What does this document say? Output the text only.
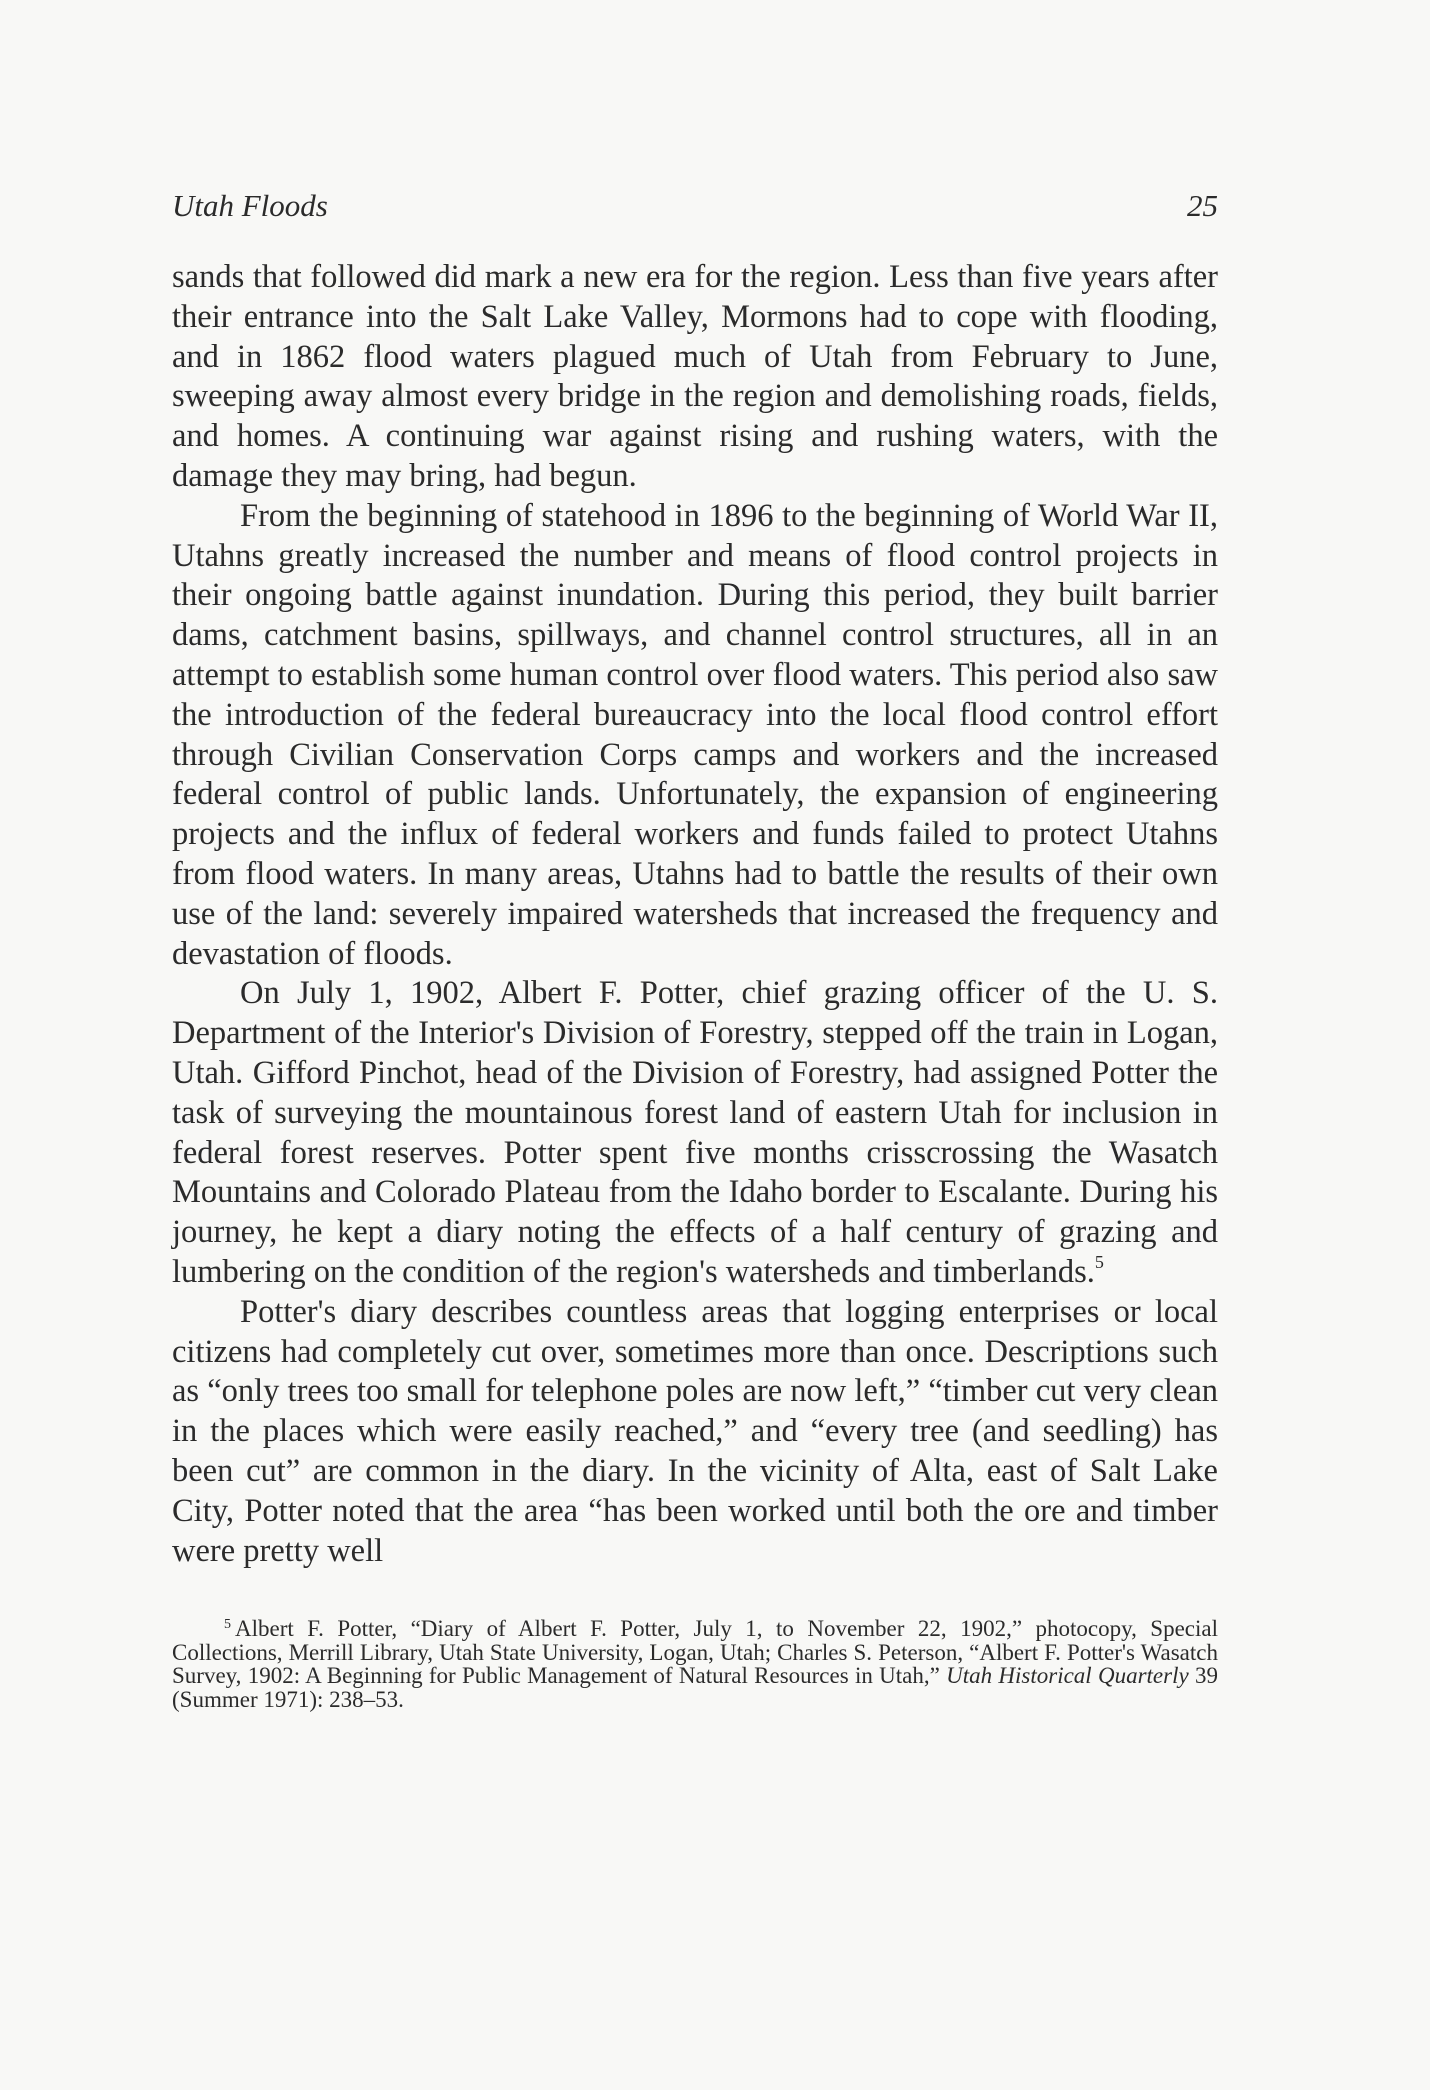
Utah Floods	25

sands that followed did mark a new era for the region. Less than five years after their entrance into the Salt Lake Valley, Mormons had to cope with flooding, and in 1862 flood waters plagued much of Utah from February to June, sweeping away almost every bridge in the region and demolishing roads, fields, and homes. A continuing war against rising and rushing waters, with the damage they may bring, had begun.

From the beginning of statehood in 1896 to the beginning of World War II, Utahns greatly increased the number and means of flood control projects in their ongoing battle against inundation. During this period, they built barrier dams, catchment basins, spillways, and channel control structures, all in an attempt to establish some human control over flood waters. This period also saw the introduction of the federal bureaucracy into the local flood control effort through Civilian Conservation Corps camps and workers and the increased federal control of public lands. Unfortunately, the expansion of engineering projects and the influx of federal workers and funds failed to protect Utahns from flood waters. In many areas, Utahns had to battle the results of their own use of the land: severely impaired watersheds that increased the frequency and devastation of floods.

On July 1, 1902, Albert F. Potter, chief grazing officer of the U. S. Department of the Interior's Division of Forestry, stepped off the train in Logan, Utah. Gifford Pinchot, head of the Division of Forestry, had assigned Potter the task of surveying the mountainous forest land of eastern Utah for inclusion in federal forest reserves. Potter spent five months crisscrossing the Wasatch Mountains and Colorado Plateau from the Idaho border to Escalante. During his journey, he kept a diary noting the effects of a half century of grazing and lumbering on the condition of the region's watersheds and timberlands.$^5$

Potter's diary describes countless areas that logging enterprises or local citizens had completely cut over, sometimes more than once. Descriptions such as “only trees too small for telephone poles are now left,” “timber cut very clean in the places which were easily reached,” and “every tree (and seedling) has been cut” are common in the diary. In the vicinity of Alta, east of Salt Lake City, Potter noted that the area “has been worked until both the ore and timber were pretty well

$^5$ Albert F. Potter, “Diary of Albert F. Potter, July 1, to November 22, 1902,” photocopy, Special Collections, Merrill Library, Utah State University, Logan, Utah; Charles S. Peterson, “Albert F. Potter's Wasatch Survey, 1902: A Beginning for Public Management of Natural Resources in Utah,” Utah Historical Quarterly 39 (Summer 1971): 238–53.
